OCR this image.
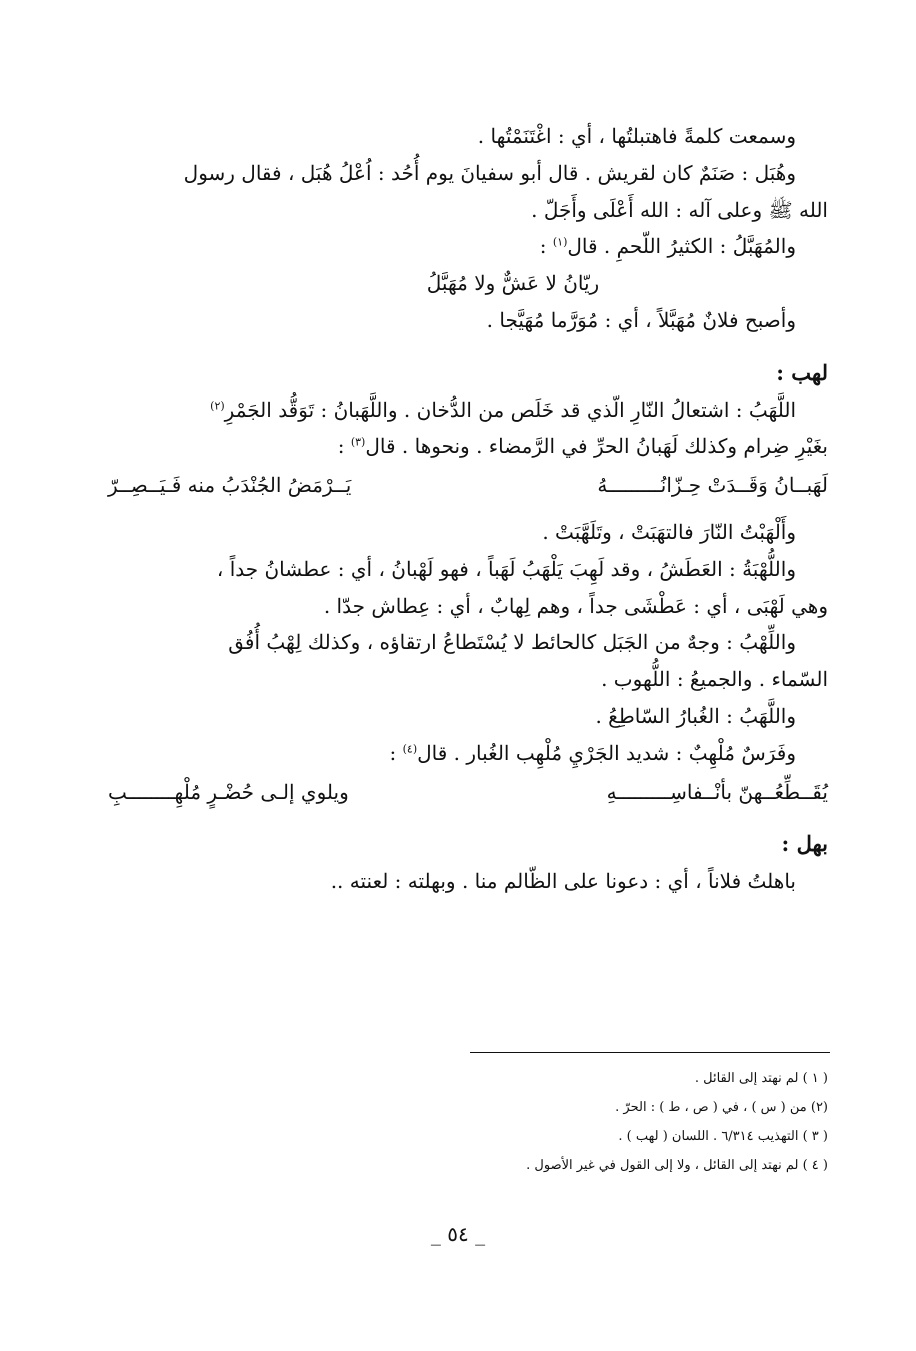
وسمعت كلمةً فاهتبلتُها ، أي : اغْتَنَمْتُها .

وهُبَل : صَنَمٌ كان لقريش . قال أبو سفيانَ يوم أُحُد : اُعْلُ هُبَل ، فقال رسول

الله ﷺ وعلى آله : الله أَعْلَى وأَجَلّ .

والمُهَبَّلُ : الكثيرُ اللّحمِ . قال$^{(١)}$ :

ريّانُ لا عَشٌّ ولا مُهَبَّلُ

وأصبح فلانٌ مُهَبَّلاً ، أي : مُوَرَّما مُهَيَّجا .

لهب :

اللَّهَبُ : اشتعالُ النّارِ الّذي قد خَلَص من الدُّخان . واللَّهَبانُ : تَوَقُّد الجَمْرِ$^{(٢)}$

بغَيْرِ ضِرام وكذلك لَهَبانُ الحرِّ في الرَّمضاء . ونحوها . قال$^{(٣)}$ :

لَهَبــانُ وَقَــدَتْ حِـزّانُـــــــــهُ
يَــرْمَضُ الجُنْدَبُ منه فَـيَــصِــرّ

وأَلْهَبْتُ النّارَ فالتهَبَتْ ، وتَلَهَّبَتْ .

واللُّهْبَةُ : العَطَشُ ، وقد لَهِبَ يَلْهَبُ لَهَباً ، فهو لَهْبانُ ، أي : عطشانُ جداً ،

وهي لَهْبَى ، أي : عَطْشَى جداً ، وهم لِهابٌ ، أي : عِطاش جدّا .

واللِّهْبُ : وجهٌ من الجَبَل كالحائط لا يُسْتَطاعُ ارتقاؤه ، وكذلك لِهْبُ أُفُق

السّماء . والجميعُ : اللُّهوب .

واللَّهَبُ : الغُبارُ السّاطِعُ .

وفَرَسٌ مُلْهِبٌ : شديد الجَرْيِ مُلْهِب الغُبار . قال$^{(٤)}$ :

يُقَــطِّعُــهنّ بأنْــفاسِـــــــــهِ
ويلوي إلـى حُضْـرٍ مُلْهِــــــــبِ

بهل :

باهلتُ فلاناً ، أي : دعونا على الظّالم منا . وبهلته : لعنته ..

( ١ ) لم نهتد إلى القائل .
(٢) من ( س ) ، في ( ص ، ط ) : الحرّ .
( ٣ ) التهذيب ٦/٣١٤ . اللسان ( لهب ) .
( ٤ ) لم نهتد إلى القائل ، ولا إلى القول في غير الأصول .
_ ٥٤ _
